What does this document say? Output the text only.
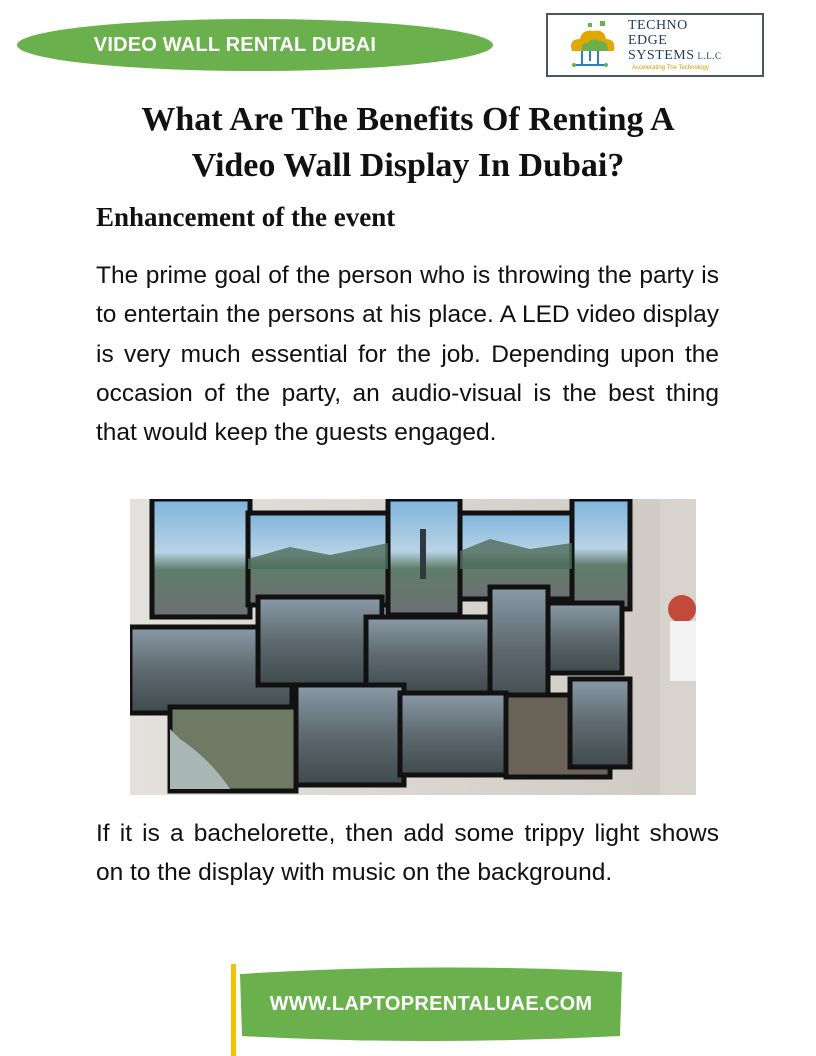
VIDEO WALL RENTAL DUBAI
TECHNO
EDGE
SYSTEMS L.L.C
Accelerating The Technology
What Are The Benefits Of Renting A
Video Wall Display In Dubai?
Enhancement of the event
The prime goal of the person who is throwing the party is to entertain the persons at his place. A LED video display is very much essential for the job. Depending upon the occasion of the party, an audio-visual is the best thing that would keep the guests engaged.
If it is a bachelorette, then add some trippy light shows on to the display with music on the background.
WWW.LAPTOPRENTALUAE.COM
